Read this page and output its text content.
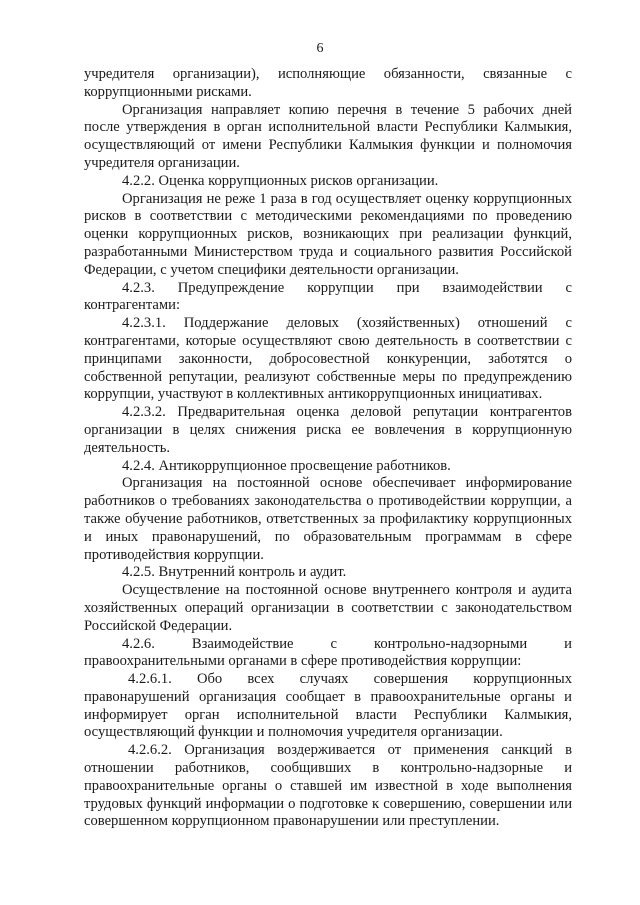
6

учредителя организации), исполняющие обязанности, связанные с коррупционными рисками.

Организация направляет копию перечня в течение 5 рабочих дней после утверждения в орган исполнительной власти Республики Калмыкия, осуществляющий от имени Республики Калмыкия функции и полномочия учредителя организации.

4.2.2. Оценка коррупционных рисков организации.

Организация не реже 1 раза в год осуществляет оценку коррупционных рисков в соответствии с методическими рекомендациями по проведению оценки коррупционных рисков, возникающих при реализации функций, разработанными Министерством труда и социального развития Российской Федерации, с учетом специфики деятельности организации.

4.2.3. Предупреждение коррупции при взаимодействии с контрагентами:

4.2.3.1. Поддержание деловых (хозяйственных) отношений с контрагентами, которые осуществляют свою деятельность в соответствии с принципами законности, добросовестной конкуренции, заботятся о собственной репутации, реализуют собственные меры по предупреждению коррупции, участвуют в коллективных антикоррупционных инициативах.

4.2.3.2. Предварительная оценка деловой репутации контрагентов организации в целях снижения риска ее вовлечения в коррупционную деятельность.

4.2.4. Антикоррупционное просвещение работников.

Организация на постоянной основе обеспечивает информирование работников о требованиях законодательства о противодействии коррупции, а также обучение работников, ответственных за профилактику коррупционных и иных правонарушений, по образовательным программам в сфере противодействия коррупции.

4.2.5. Внутренний контроль и аудит.

Осуществление на постоянной основе внутреннего контроля и аудита хозяйственных операций организации в соответствии с законодательством Российской Федерации.

4.2.6. Взаимодействие с контрольно-надзорными и правоохранительными органами в сфере противодействия коррупции:

4.2.6.1. Обо всех случаях совершения коррупционных правонарушений организация сообщает в правоохранительные органы и информирует орган исполнительной власти Республики Калмыкия, осуществляющий функции и полномочия учредителя организации.

4.2.6.2. Организация воздерживается от применения санкций в отношении работников, сообщивших в контрольно-надзорные и правоохранительные органы о ставшей им известной в ходе выполнения трудовых функций информации о подготовке к совершению, совершении или совершенном коррупционном правонарушении или преступлении.
